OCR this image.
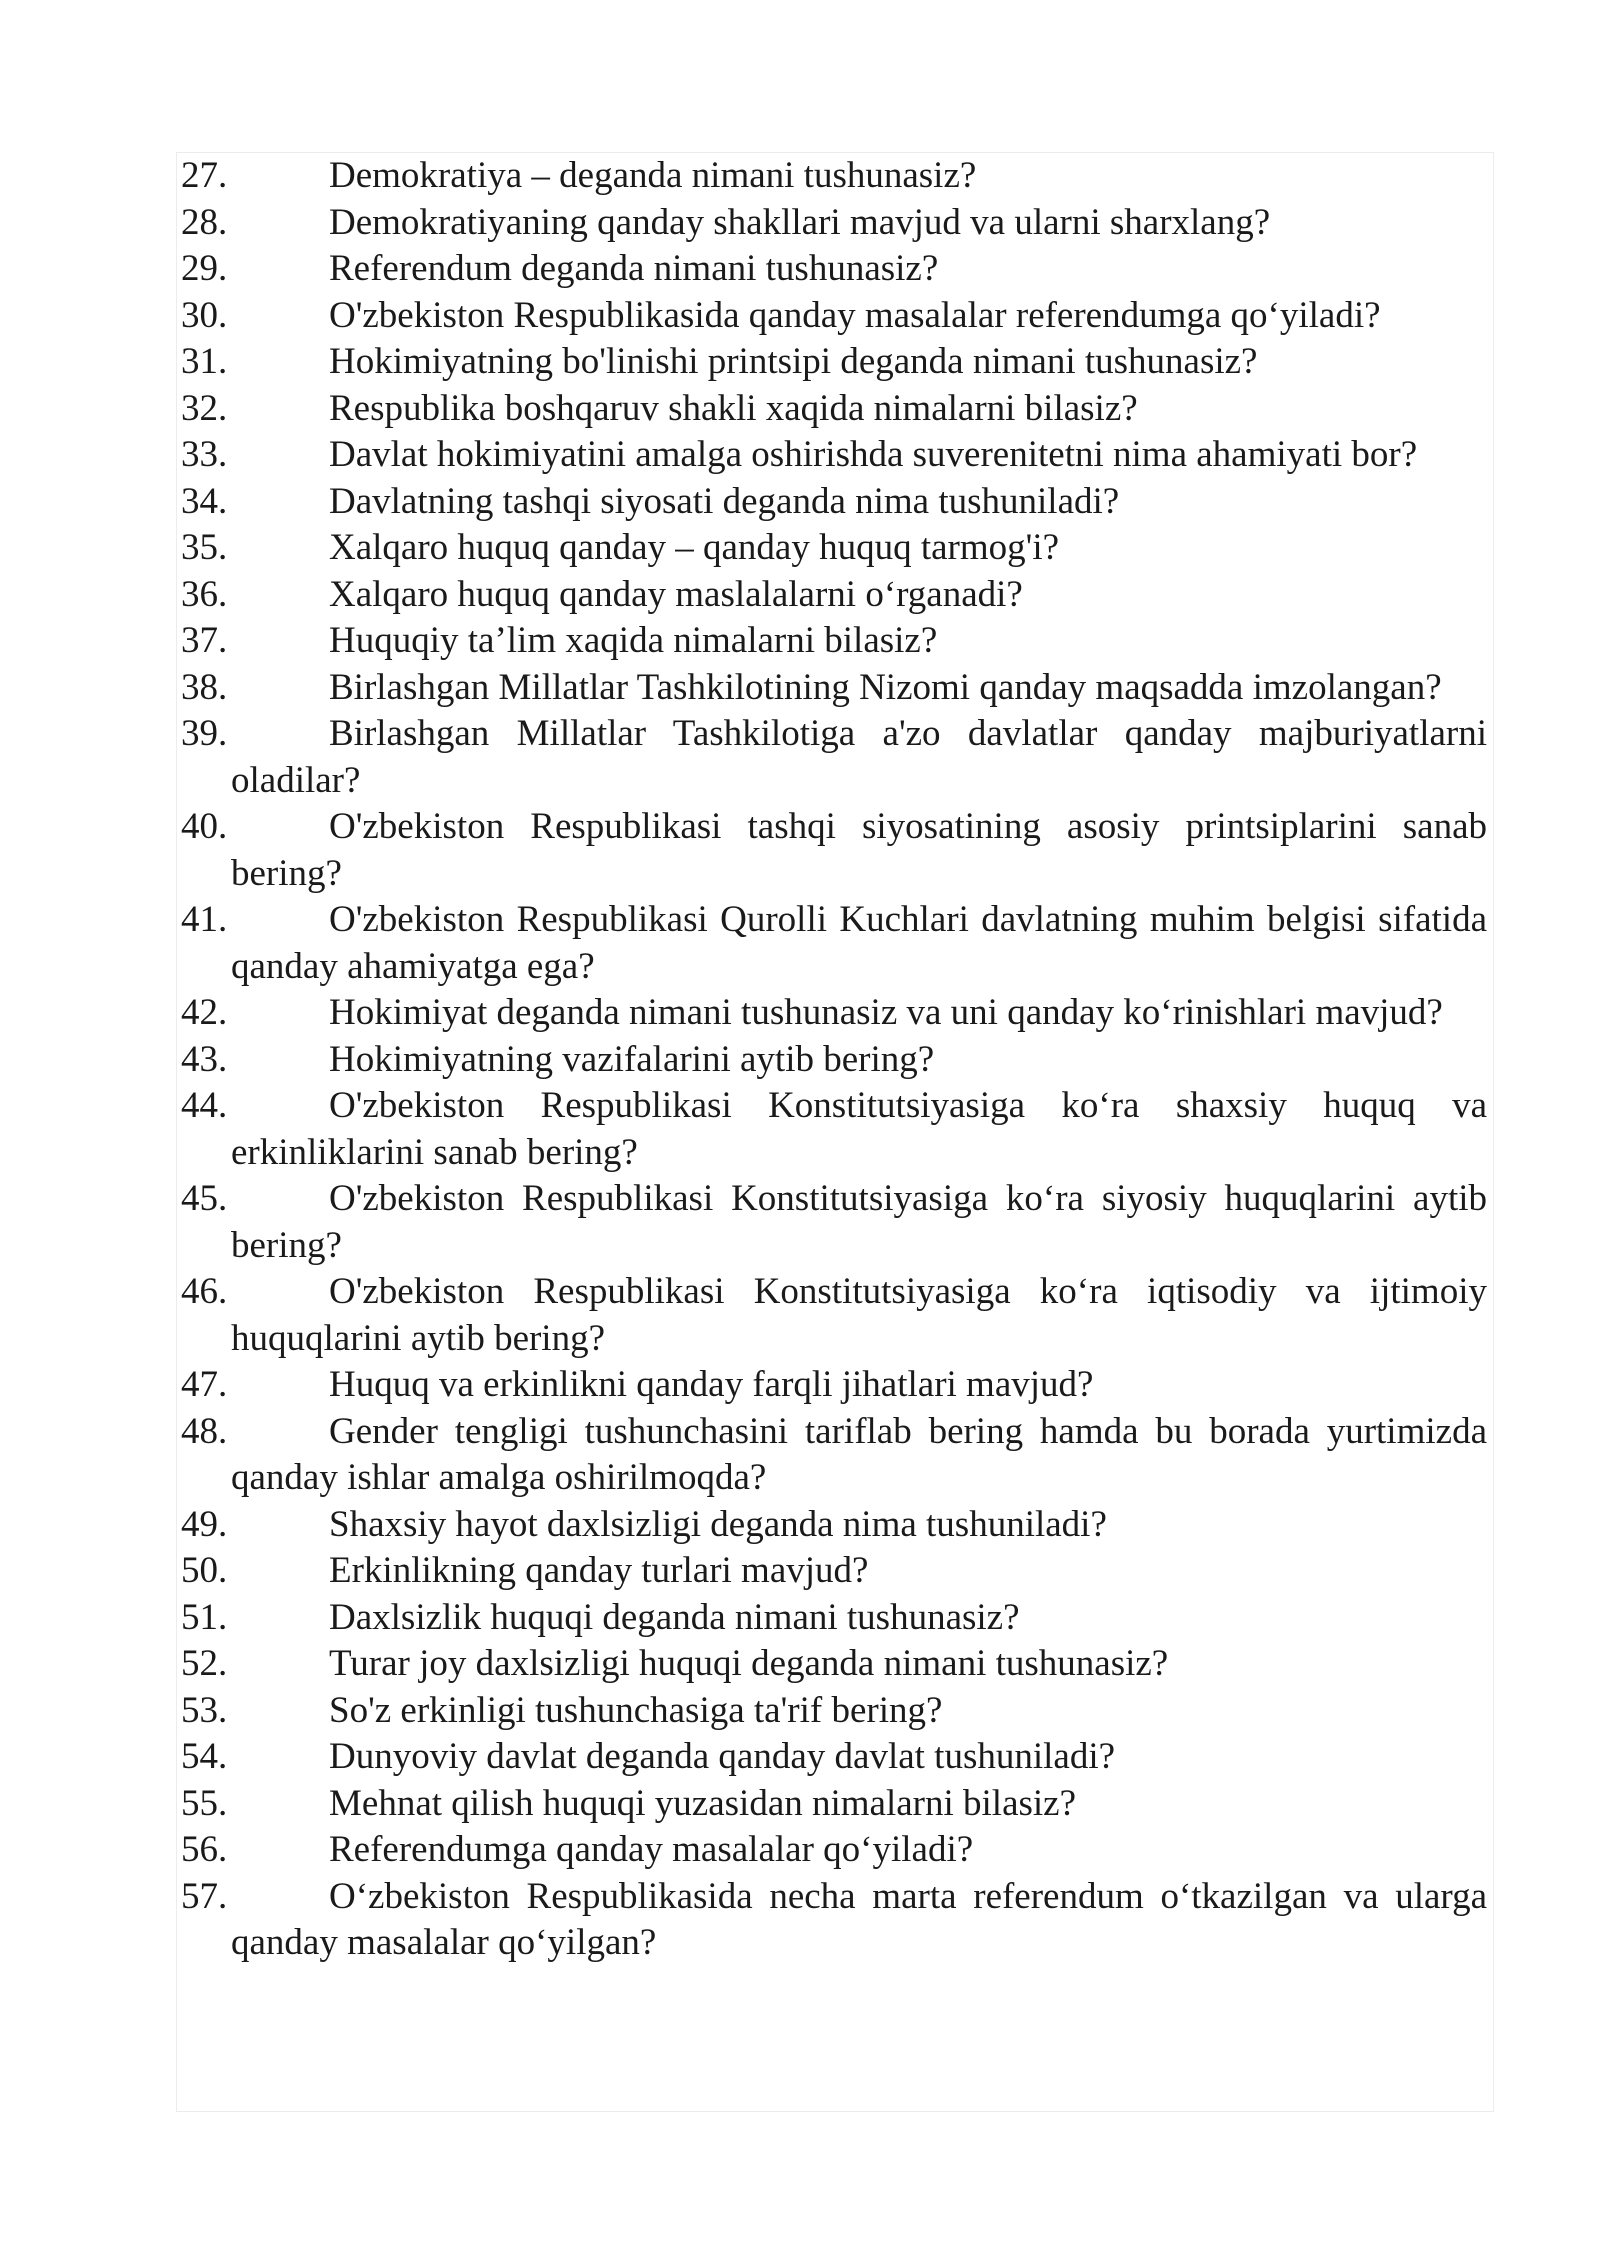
27.	Demokratiya – deganda nimani tushunasiz?
28.	Demokratiyaning qanday shakllari mavjud va ularni sharxlang?
29.	Referendum deganda nimani tushunasiz?
30.	O'zbekiston Respublikasida qanday masalalar referendumga qo‘yiladi?
31.	Hokimiyatning bo'linishi printsipi deganda nimani tushunasiz?
32.	Respublika boshqaruv shakli xaqida nimalarni bilasiz?
33.	Davlat hokimiyatini amalga oshirishda suverenitetni nima ahamiyati bor?
34.	Davlatning tashqi siyosati deganda nima tushuniladi?
35.	Xalqaro huquq qanday – qanday huquq tarmog'i?
36.	Xalqaro huquq qanday maslalalarni o‘rganadi?
37.	Huquqiy ta’lim xaqida nimalarni bilasiz?
38.	Birlashgan Millatlar Tashkilotining Nizomi qanday maqsadda imzolangan?
39.	Birlashgan Millatlar Tashkilotiga a'zo davlatlar qanday majburiyatlarni oladilar?
40.	O'zbekiston Respublikasi tashqi siyosatining asosiy printsiplarini sanab bering?
41.	O'zbekiston Respublikasi Qurolli Kuchlari davlatning muhim belgisi sifatida qanday ahamiyatga ega?
42.	Hokimiyat deganda nimani tushunasiz va uni qanday ko‘rinishlari mavjud?
43.	Hokimiyatning vazifalarini aytib bering?
44.	O'zbekiston Respublikasi Konstitutsiyasiga ko‘ra shaxsiy huquq va erkinliklarini sanab bering?
45.	O'zbekiston Respublikasi Konstitutsiyasiga ko‘ra siyosiy huquqlarini aytib bering?
46.	O'zbekiston Respublikasi Konstitutsiyasiga ko‘ra iqtisodiy va ijtimoiy huquqlarini aytib bering?
47.	Huquq va erkinlikni qanday farqli jihatlari mavjud?
48.	Gender tengligi tushunchasini tariflab bering hamda bu borada yurtimizda qanday ishlar amalga oshirilmoqda?
49.	Shaxsiy hayot daxlsizligi deganda nima tushuniladi?
50.	Erkinlikning qanday turlari mavjud?
51.	Daxlsizlik huquqi deganda nimani tushunasiz?
52.	Turar joy daxlsizligi huquqi deganda nimani tushunasiz?
53.	So'z erkinligi tushunchasiga ta'rif bering?
54.	Dunyoviy davlat deganda qanday davlat tushuniladi?
55.	Mehnat qilish huquqi yuzasidan nimalarni bilasiz?
56.	Referendumga qanday masalalar qo‘yiladi?
57.	O‘zbekiston Respublikasida necha marta referendum o‘tkazilgan va ularga qanday masalalar qo‘yilgan?
